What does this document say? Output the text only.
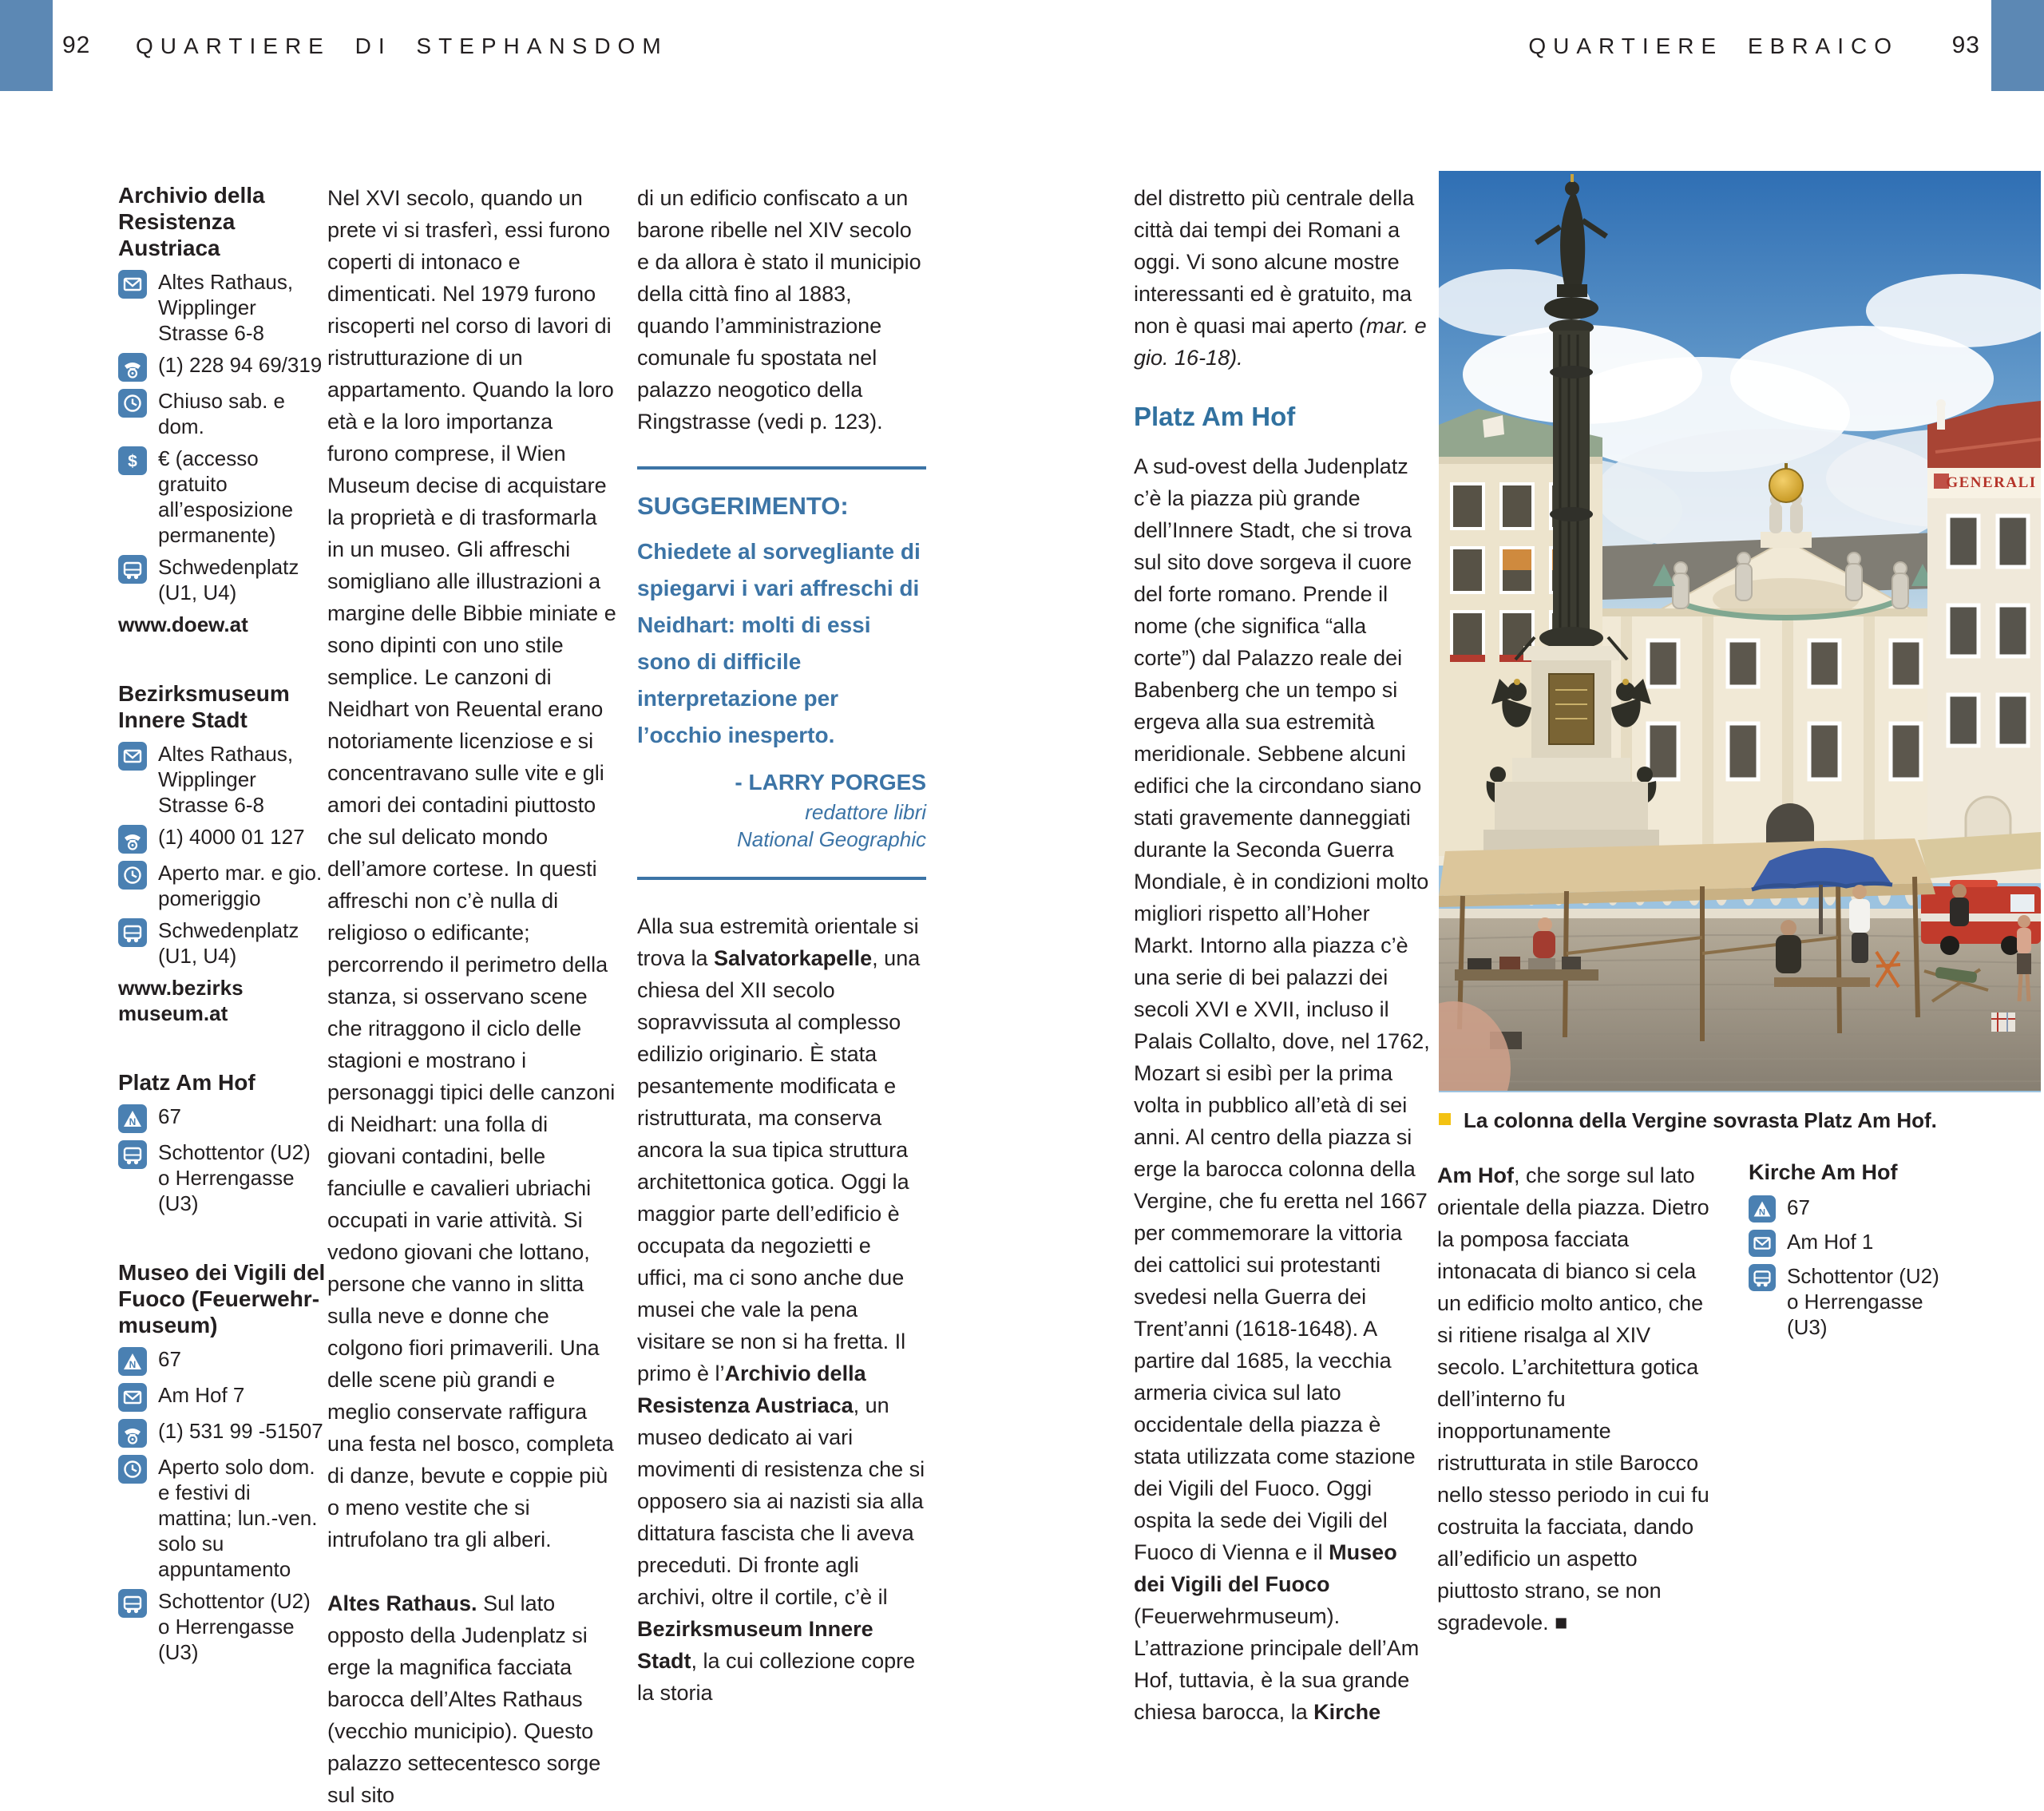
92 QUARTIERE DI STEPHANSDOM	QUARTIERE EBRAICO 93
Archivio della Resistenza Austriaca
Altes Rathaus, Wipplinger Strasse 6-8
(1) 228 94 69/319
Chiuso sab. e dom.
$ € (accesso gratuito all’esposizione permanente)
Schwedenplatz (U1, U4)
www.doew.at
Bezirksmuseum Innere Stadt
Altes Rathaus, Wipplinger Strasse 6-8
(1) 4000 01 127
Aperto mar. e gio. pomeriggio
Schwedenplatz (U1, U4)
www.bezirks
museum.at
Platz Am Hof
N 67
Schottentor (U2) o Herrengasse (U3)
Museo dei Vigili del Fuoco (Feuerwehr-museum)
N 67
Am Hof 7
(1) 531 99 -51507
Aperto solo dom. e festivi di mattina; lun.-ven. solo su appuntamento
Schottentor (U2) o Herrengasse (U3)

Nel XVI secolo, quando un prete vi si trasferì, essi furono coperti di intonaco e dimenticati. Nel 1979 furono riscoperti nel corso di lavori di ristrutturazione di un appartamento. Quando la loro età e la loro importanza furono comprese, il Wien Museum decise di acquistare la proprietà e di trasformarla in un museo. Gli affreschi somigliano alle illustrazioni a margine delle Bibbie miniate e sono dipinti con uno stile semplice. Le canzoni di Neidhart von Reuental erano notoriamente licenziose e si concentravano sulle vite e gli amori dei contadini piuttosto che sul delicato mondo dell’amore cortese. In questi affreschi non c’è nulla di religioso o edificante; percorrendo il perimetro della stanza, si osservano scene che ritraggono il ciclo delle stagioni e mostrano i personaggi tipici delle canzoni di Neidhart: una folla di giovani contadini, belle fanciulle e cavalieri ubriachi occupati in varie attività. Si vedono giovani che lottano, persone che vanno in slitta sulla neve e donne che colgono fiori primaverili. Una delle scene più grandi e meglio conservate raffigura una festa nel bosco, completa di danze, bevute e coppie più o meno vestite che si intrufolano tra gli alberi.

Altes Rathaus. Sul lato opposto della Judenplatz si erge la magnifica facciata barocca dell’Altes Rathaus (vecchio municipio). Questo palazzo settecentesco sorge sul sito

di un edificio confiscato a un barone ribelle nel XIV secolo e da allora è stato il municipio della città fino al 1883, quando l’amministrazione comunale fu spostata nel palazzo neogotico della Ringstrasse (vedi p. 123).

SUGGERIMENTO:
Chiedete al sorvegliante di spiegarvi i vari affreschi di Neidhart: molti di essi sono di difficile interpretazione per l’occhio inesperto.
- LARRY PORGES
redattore libri
National Geographic

Alla sua estremità orientale si trova la Salvatorkapelle, una chiesa del XII secolo sopravvissuta al complesso edilizio originario. È stata pesantemente modificata e ristrutturata, ma conserva ancora la sua tipica struttura architettonica gotica. Oggi la maggior parte dell’edificio è occupata da negozietti e uffici, ma ci sono anche due musei che vale la pena visitare se non si ha fretta. Il primo è l’Archivio della Resistenza Austriaca, un museo dedicato ai vari movimenti di resistenza che si opposero sia ai nazisti sia alla dittatura fascista che li aveva preceduti. Di fronte agli archivi, oltre il cortile, c’è il Bezirksmuseum Innere Stadt, la cui collezione copre la storia

del distretto più centrale della città dai tempi dei Romani a oggi. Vi sono alcune mostre interessanti ed è gratuito, ma non è quasi mai aperto (mar. e gio. 16-18).

Platz Am Hof

A sud-ovest della Judenplatz c’è la piazza più grande dell’Innere Stadt, che si trova sul sito dove sorgeva il cuore del forte romano. Prende il nome (che significa “alla corte”) dal Palazzo reale dei Babenberg che un tempo si ergeva alla sua estremità meridionale. Sebbene alcuni edifici che la circondano siano stati gravemente danneggiati durante la Seconda Guerra Mondiale, è in condizioni molto migliori rispetto all’Hoher Markt. Intorno alla piazza c’è una serie di bei palazzi dei secoli XVI e XVII, incluso il Palais Collalto, dove, nel 1762, Mozart si esibì per la prima volta in pubblico all’età di sei anni. Al centro della piazza si erge la barocca colonna della Vergine, che fu eretta nel 1667 per commemorare la vittoria dei cattolici sui protestanti svedesi nella Guerra dei Trent’anni (1618-1648). A partire dal 1685, la vecchia armeria civica sul lato occidentale della piazza è stata utilizzata come stazione dei Vigili del Fuoco. Oggi ospita la sede dei Vigili del Fuoco di Vienna e il Museo dei Vigili del Fuoco (Feuerwehrmuseum). L’attrazione principale dell’Am Hof, tuttavia, è la sua grande chiesa barocca, la Kirche

GENERALI
La colonna della Vergine sovrasta Platz Am Hof.

Am Hof, che sorge sul lato orientale della piazza. Dietro la pomposa facciata intonacata di bianco si cela un edificio molto antico, che si ritiene risalga al XIV secolo. L’architettura gotica dell’interno fu inopportunamente ristrutturata in stile Barocco nello stesso periodo in cui fu costruita la facciata, dando all’edificio un aspetto piuttosto strano, se non sgradevole. ■

Kirche Am Hof
N 67
Am Hof 1
Schottentor (U2) o Herrengasse (U3)
